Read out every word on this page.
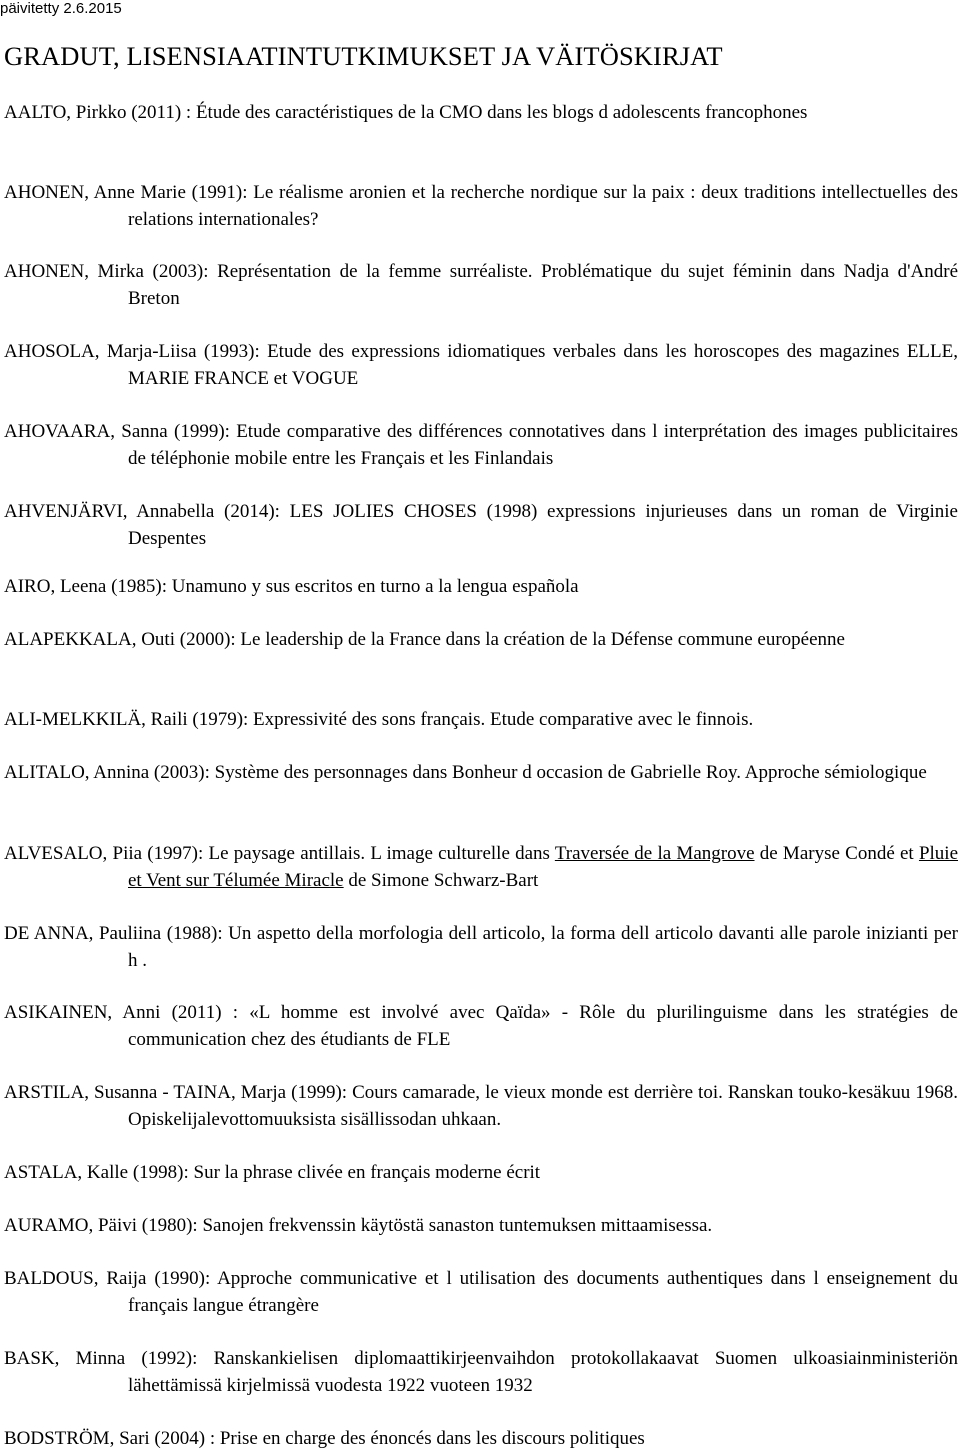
päivitetty 2.6.2015
GRADUT, LISENSIAATINTUTKIMUKSET JA VÄITÖSKIRJAT
AALTO, Pirkko (2011) : Étude des caractéristiques de la CMO dans les blogs d adolescents francophones
AHONEN, Anne Marie (1991): Le réalisme aronien et la recherche nordique sur la paix : deux traditions intellectuelles des relations internationales?
AHONEN, Mirka (2003): Représentation de la femme surréaliste. Problématique du sujet féminin dans Nadja d'André Breton
AHOSOLA, Marja-Liisa (1993): Etude des expressions idiomatiques verbales dans les horoscopes des magazines ELLE, MARIE FRANCE et VOGUE
AHOVAARA, Sanna (1999): Etude comparative des différences connotatives dans l interprétation des images publicitaires de téléphonie mobile entre les Français et les Finlandais
AHVENJÄRVI, Annabella (2014): LES JOLIES CHOSES (1998) expressions injurieuses dans un roman de Virginie Despentes
AIRO, Leena (1985): Unamuno y sus escritos en turno a la lengua española
ALAPEKKALA, Outi (2000): Le leadership de la France dans la création de la Défense commune européenne
ALI-MELKKILÄ, Raili (1979): Expressivité des sons français. Etude comparative avec le finnois.
ALITALO, Annina (2003): Système des personnages dans Bonheur d occasion de Gabrielle Roy. Approche sémiologique
ALVESALO, Piia (1997): Le paysage antillais. L image culturelle dans Traversée de la Mangrove de Maryse Condé et Pluie et Vent sur Télumée Miracle de Simone Schwarz-Bart
DE ANNA, Pauliina (1988): Un aspetto della morfologia dell articolo, la forma dell articolo davanti alle parole inizianti per h .
ASIKAINEN, Anni (2011) : «L homme est involvé avec Qaïda» - Rôle du plurilinguisme dans les stratégies de communication chez des étudiants de FLE
ARSTILA, Susanna - TAINA, Marja (1999): Cours camarade, le vieux monde est derrière toi. Ranskan touko-kesäkuu 1968. Opiskelijalevottomuuksista sisällissodan uhkaan.
ASTALA, Kalle (1998): Sur la phrase clivée en français moderne écrit
AURAMO, Päivi (1980): Sanojen frekvenssin käytöstä sanaston tuntemuksen mittaamisessa.
BALDOUS, Raija (1990): Approche communicative et l utilisation des documents authentiques dans l enseignement du français langue étrangère
BASK, Minna (1992): Ranskankielisen diplomaattikirjeenvaihdon protokollakaavat Suomen ulkoasiainministeriön lähettämissä kirjelmissä vuodesta 1922 vuoteen 1932
BODSTRÖM, Sari (2004) : Prise en charge des énoncés dans les discours politiques
